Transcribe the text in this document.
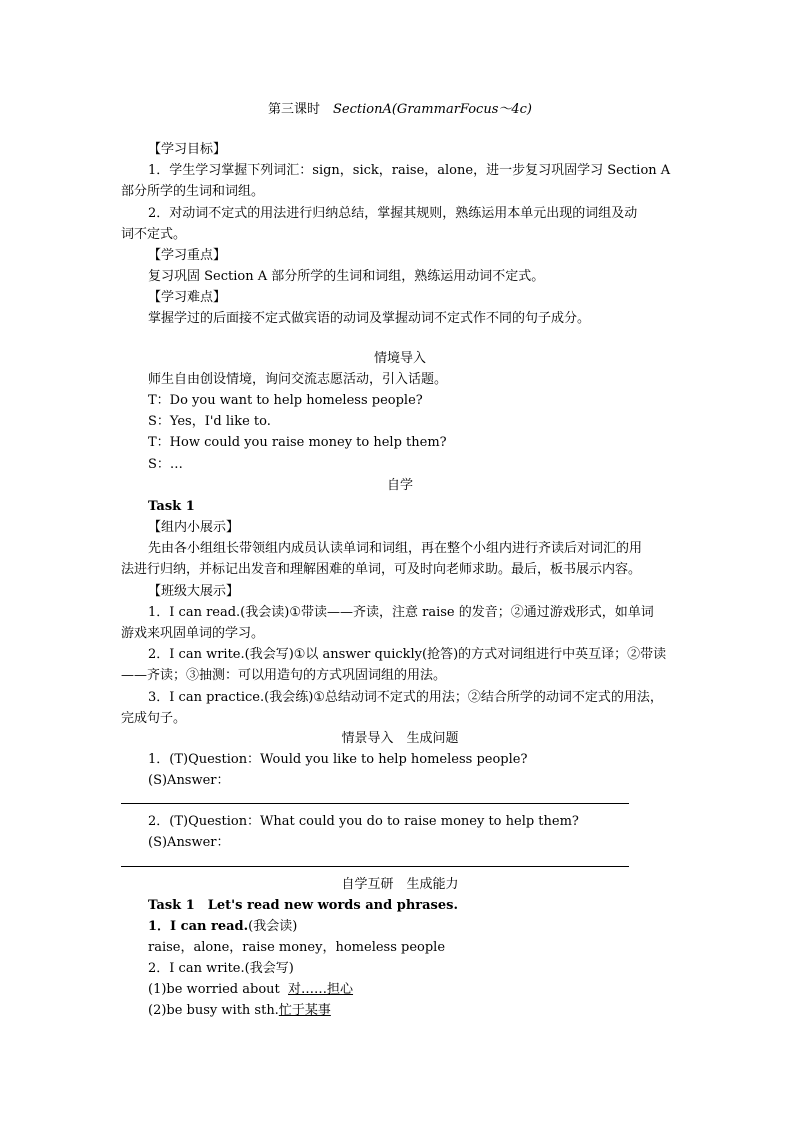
第三课时　 SectionA(GrammarFocus～4c)
【学习目标】
1．学生学习掌握下列词汇：sign，sick，raise，alone，进一步复习巩固学习 Section A
部分所学的生词和词组。
2．对动词不定式的用法进行归纳总结，掌握其规则，熟练运用本单元出现的词组及动
词不定式。
【学习重点】
复习巩固 Section A 部分所学的生词和词组，熟练运用动词不定式。
【学习难点】
掌握学过的后面接不定式做宾语的动词及掌握动词不定式作不同的句子成分。
情境导入
师生自由创设情境，询问交流志愿活动，引入话题。
T：Do you want to help homeless people?
S：Yes，I'd like to.
T：How could you raise money to help them?
S：…
自学
Task 1
【组内小展示】
先由各小组组长带领组内成员认读单词和词组，再在整个小组内进行齐读后对词汇的用
法进行归纳，并标记出发音和理解困难的单词，可及时向老师求助。最后，板书展示内容。
【班级大展示】
1．I can read.(我会读)①带读——齐读，注意 raise 的发音；②通过游戏形式，如单词
游戏来巩固单词的学习。
2．I can write.(我会写)①以 answer quickly(抢答)的方式对词组进行中英互译；②带读
——齐读；③抽测：可以用造句的方式巩固词组的用法。
3．I can practice.(我会练)①总结动词不定式的用法；②结合所学的动词不定式的用法，
完成句子。
情景导入　生成问题
1．(T)Question：Would you like to help homeless people?
(S)Answer：
2．(T)Question：What could you do to raise money to help them?
(S)Answer：
自学互研　生成能力
Task 1　Let's read new words and phrases.
1．I can read.(我会读)
raise，alone，raise money，homeless people
2．I can write.(我会写)
(1)be worried about 对……担心
(2)be busy with sth.忙于某事
